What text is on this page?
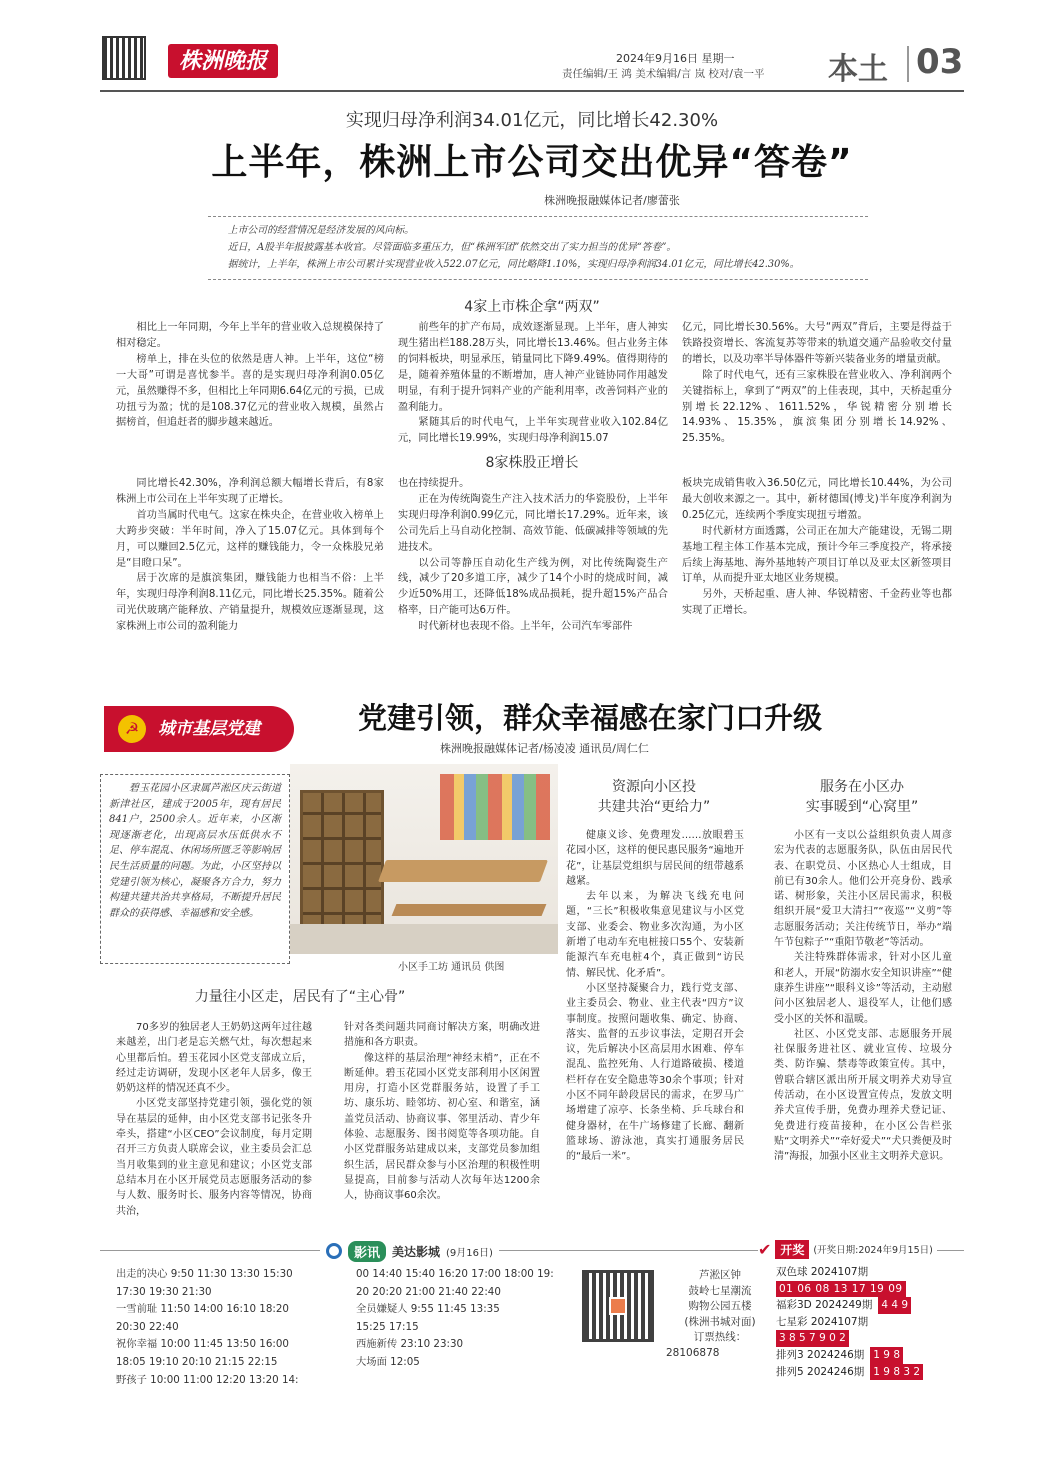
株洲晚报	2024年9月16日 星期一
责任编辑/王 鸿 美术编辑/言 岚 校对/袁一平 本土 03
实现归母净利润34.01亿元，同比增长42.30%
上半年，株洲上市公司交出优异“答卷”
株洲晚报融媒体记者/廖蕾张
上市公司的经营情况是经济发展的风向标。
近日，A股半年报披露基本收官。尽管面临多重压力，但“株洲军团”依然交出了实力担当的优异“答卷”。
据统计，上半年，株洲上市公司累计实现营业收入522.07亿元，同比略降1.10%，实现归母净利润34.01亿元，同比增长42.30%。
4家上市株企拿“两双”

相比上一年同期，今年上半年的营业收入总规模保持了相对稳定。

榜单上，排在头位的依然是唐人神。上半年，这位“榜一大哥”可谓是喜忧参半。喜的是实现归母净利润0.05亿元，虽然赚得不多，但相比上年同期6.64亿元的亏损，已成功扭亏为盈；忧的是108.37亿元的营业收入规模，虽然占据榜首，但追赶者的脚步越来越近。

前些年的扩产布局，成效逐渐显现。上半年，唐人神实现生猪出栏188.28万头，同比增长13.46%。但占业务主体的饲料板块，明显承压，销量同比下降9.49%。值得期待的是，随着养殖体量的不断增加，唐人神产业链协同作用越发明显，有利于提升饲料产业的产能利用率，改善饲料产业的盈利能力。

紧随其后的时代电气，上半年实现营业收入102.84亿元，同比增长19.99%，实现归母净利润15.07

亿元，同比增长30.56%。大号“两双”背后，主要是得益于铁路投资增长、客流复苏等带来的轨道交通产品验收交付量的增长，以及功率半导体器件等新兴装备业务的增量贡献。

除了时代电气，还有三家株股在营业收入、净利润两个关键指标上，拿到了“两双”的上佳表现，其中，天桥起重分别增长22.12%、1611.52%，华锐精密分别增长14.93%、15.35%，旗滨集团分别增长14.92%、25.35%。

8家株股正增长

同比增长42.30%，净利润总额大幅增长背后，有8家株洲上市公司在上半年实现了正增长。

首功当属时代电气。这家在株央企，在营业收入榜单上大跨步突破：半年时间，净入了15.07亿元。具体到每个月，可以赚回2.5亿元，这样的赚钱能力，令一众株股兄弟是“目瞪口呆”。

居于次席的是旗滨集团，赚钱能力也相当不俗：上半年，实现归母净利润8.11亿元，同比增长25.35%。随着公司光伏玻璃产能释放、产销量提升，规模效应逐渐显现，这家株洲上市公司的盈利能力

也在持续提升。

正在为传统陶瓷生产注入技术活力的华瓷股份，上半年实现归母净利润0.99亿元，同比增长17.29%。近年来，该公司先后上马自动化控制、高效节能、低碳减排等领域的先进技术。

以公司等静压自动化生产线为例，对比传统陶瓷生产线，减少了20多道工序，减少了14个小时的烧成时间，减少近50%用工，还降低18%成品损耗，提升超15%产品合格率，日产能可达6万件。

时代新材也表现不俗。上半年，公司汽车零部件

板块完成销售收入36.50亿元，同比增长10.44%，为公司最大创收来源之一。其中，新材德国(博戈)半年度净利润为0.25亿元，连续两个季度实现扭亏增盈。

时代新材方面透露，公司正在加大产能建设，无锡二期基地工程主体工作基本完成，预计今年三季度投产，将承接后续上海基地、海外基地转产项目订单以及亚太区新签项目订单，从而提升亚太地区业务规模。

另外，天桥起重、唐人神、华锐精密、千金药业等也都实现了正增长。

☭	城市基层党建	党建引领，群众幸福感在家门口升级
株洲晚报融媒体记者/杨凌凌 通讯员/周仁仁

碧玉花园小区隶属芦淞区庆云街道新津社区，建成于2005年，现有居民841户，2500余人。近年来，小区渐现逐渐老化，出现高层水压低供水不足、停车混乱、休闲场所匮乏等影响居民生活质量的问题。为此，小区坚持以党建引领为核心，凝聚各方合力，努力构建共建共治共享格局，不断提升居民群众的获得感、幸福感和安全感。

小区手工坊 通讯员 供图
力量往小区走，居民有了“主心骨”

70多岁的独居老人王奶奶这两年过往越来越差，出门老是忘关燃气灶，每次想起来心里都后怕。碧玉花园小区党支部成立后，经过走访调研，发现小区老年人居多，像王奶奶这样的情况还真不少。

小区党支部坚持党建引领，强化党的领导在基层的延伸，由小区党支部书记张冬升牵头，搭建“小区CEO”会议制度，每月定期召开三方负责人联席会议，业主委员会汇总当月收集到的业主意见和建议；小区党支部总结本月在小区开展党员志愿服务活动的参与人数、服务时长、服务内容等情况，协商共治，

针对各类问题共同商讨解决方案，明确改进措施和各方职责。

像这样的基层治理“神经末梢”，正在不断延伸。碧玉花园小区党支部利用小区闲置用房，打造小区党群服务站，设置了手工坊、康乐坊、睦邻坊、初心室、和谐室，涵盖党员活动、协商议事、邻里活动、青少年体验、志愿服务、图书阅览等各项功能。自小区党群服务站建成以来，支部党员参加组织生活，居民群众参与小区治理的积极性明显提高，目前参与活动人次每年达1200余人，协商议事60余次。

资源向小区投
共建共治“更给力”

健康义诊、免费理发……放眼碧玉花园小区，这样的便民惠民服务“遍地开花”，让基层党组织与居民间的纽带越系越紧。

去年以来，为解决飞线充电问题，“三长”积极收集意见建议与小区党支部、业委会、物业多次沟通，为小区新增了电动车充电桩接口55个、安装新能源汽车充电桩4个，真正做到“访民情、解民忧、化矛盾”。

小区坚持凝聚合力，践行党支部、业主委员会、物业、业主代表“四方”议事制度。按照问题收集、确定、协商、落实、监督的五步议事法，定期召开会议，先后解决小区高层用水困难、停车混乱、监控死角、人行道路破损、楼道栏杆存在安全隐患等30余个事项；针对小区不同年龄段居民的需求，在罗马广场增建了凉亭、长条坐椅、乒乓球台和健身器材，在牛广场修建了长廊、翻新篮球场、游泳池，真实打通服务居民的“最后一米”。

服务在小区办
实事暖到“心窝里”

小区有一支以公益组织负责人周彦宏为代表的志愿服务队，队伍由居民代表、在职党员、小区热心人士组成，目前已有30余人。他们公开亮身份、践承诺、树形象，关注小区居民需求，积极组织开展“爱卫大清扫”“夜巡”“义剪”等志愿服务活动；关注传统节日，举办“端午节包粽子”“重阳节敬老”等活动。

关注特殊群体需求，针对小区儿童和老人，开展“防溺水安全知识讲座”“健康养生讲座”“眼科义诊”等活动，主动慰问小区独居老人、退役军人，让他们感受小区的关怀和温暖。

社区、小区党支部、志愿服务开展社保服务进社区、就业宣传、垃圾分类、防诈骗、禁毒等政策宣传。其中，曾联合辖区派出所开展文明养犬劝导宣传活动，在小区设置宣传点，发放文明养犬宣传手册，免费办理养犬登记证、免费进行疫苗接种，在小区公告栏张贴“文明养犬”“牵好爱犬”“犬只粪便及时清”海报，加强小区业主文明养犬意识。

影讯	美达影城 (9月16日)
出走的决心 9:50 11:30 13:30 15:30
17:30 19:30 21:30
一雪前耻 11:50 14:00 16:10 18:20
20:30 22:40
祝你幸福 10:00 11:45 13:50 16:00
18:05 19:10 20:10 21:15 22:15
野孩子 10:00 11:00 12:20 13:20 14:
00 14:40 15:40 16:20 17:00 18:00 19:
20 20:20 21:00 21:40 22:40
全员嫌疑人 9:55 11:45 13:35
15:25 17:15
西施新传 23:10 23:30
大场面 12:05
芦淞区钟
鼓岭七星潮流
购物公园五楼
(株洲书城对面)
订票热线：
28106878
✔ 开奖 (开奖日期:2024年9月15日)
双色球 2024107期
01 06 08 13 17 19 09
福彩3D 2024249期 4 4 9
七星彩 2024107期
3 8 5 7 9 0 2
排列3 2024246期 1 9 8
排列5 2024246期 1 9 8 3 2
